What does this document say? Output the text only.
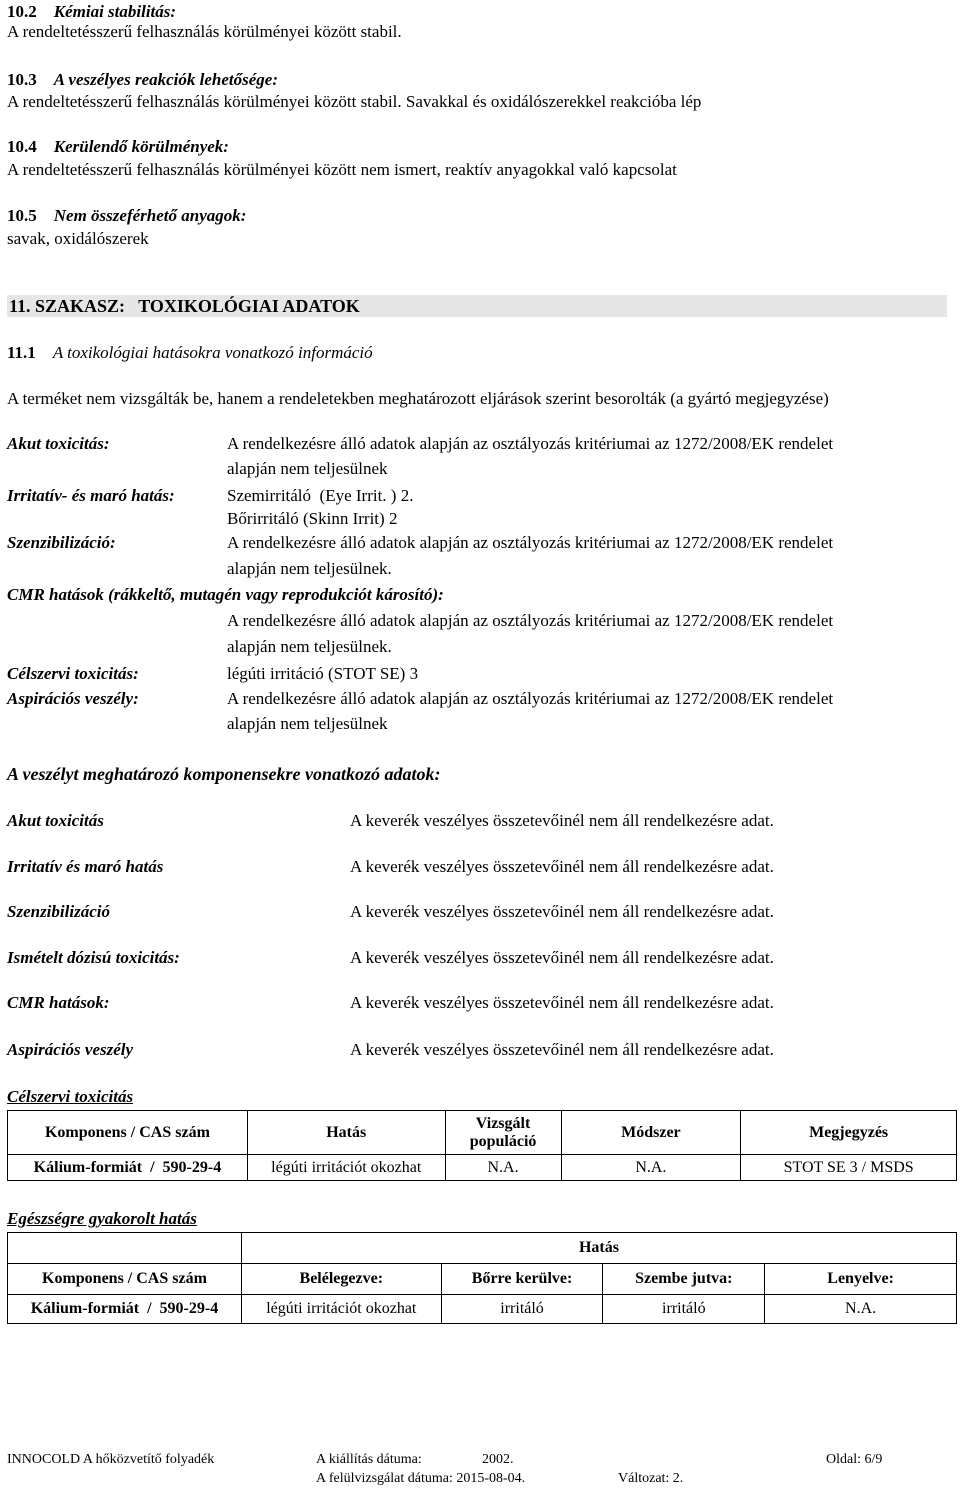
10.2 Kémiai stabilitás:
A rendeltetésszerű felhasználás körülményei között stabil.
10.3 A veszélyes reakciók lehetősége:
A rendeltetésszerű felhasználás körülményei között stabil. Savakkal és oxidálószerekkel reakcióba lép
10.4 Kerülendő körülmények:
A rendeltetésszerű felhasználás körülményei között nem ismert, reaktív anyagokkal való kapcsolat
10.5 Nem összeférhető anyagok:
savak, oxidálószerek
11. SZAKASZ:   TOXIKOLÓGIAI ADATOK
11.1 A toxikológiai hatásokra vonatkozó információ
A terméket nem vizsgálták be, hanem a rendeletekben meghatározott eljárások szerint besorolták (a gyártó megjegyzése)
Akut toxicitás:	A rendelkezésre álló adatok alapján az osztályozás kritériumai az 1272/2008/EK rendelet
alapján nem teljesülnek
Irritatív- és maró hatás:	Szemirritáló  (Eye Irrit. ) 2.
Bőrirritáló (Skinn Irrit) 2
Szenzibilizáció:	A rendelkezésre álló adatok alapján az osztályozás kritériumai az 1272/2008/EK rendelet
alapján nem teljesülnek.
CMR hatások (rákkeltő, mutagén vagy reprodukciót károsító):
A rendelkezésre álló adatok alapján az osztályozás kritériumai az 1272/2008/EK rendelet
alapján nem teljesülnek.
Célszervi toxicitás:	légúti irritáció (STOT SE) 3
Aspirációs veszély:	A rendelkezésre álló adatok alapján az osztályozás kritériumai az 1272/2008/EK rendelet
alapján nem teljesülnek
A veszélyt meghatározó komponensekre vonatkozó adatok:
Akut toxicitás	A keverék veszélyes összetevőinél nem áll rendelkezésre adat.
Irritatív és maró hatás	A keverék veszélyes összetevőinél nem áll rendelkezésre adat.
Szenzibilizáció	A keverék veszélyes összetevőinél nem áll rendelkezésre adat.
Ismételt dózisú toxicitás:	A keverék veszélyes összetevőinél nem áll rendelkezésre adat.
CMR hatások:	A keverék veszélyes összetevőinél nem áll rendelkezésre adat.
Aspirációs veszély	A keverék veszélyes összetevőinél nem áll rendelkezésre adat.
Célszervi toxicitás
Komponens / CAS szám	Hatás	Vizsgált populáció	Módszer	Megjegyzés
Kálium-formiát  /  590-29-4	légúti irritációt okozhat	N.A.	N.A.	STOT SE 3 / MSDS
Egészségre gyakorolt hatás
	Hatás			
Komponens / CAS szám	Belélegezve:	Bőrre kerülve:	Szembe jutva:	Lenyelve:
Kálium-formiát  /  590-29-4	légúti irritációt okozhat	irritáló	irritáló	N.A.
INNOCOLD A hőközvetítő folyadék	A kiállítás dátuma:	2002.	Oldal: 6/9
A felülvizsgálat dátuma: 2015-08-04.	Változat: 2.
